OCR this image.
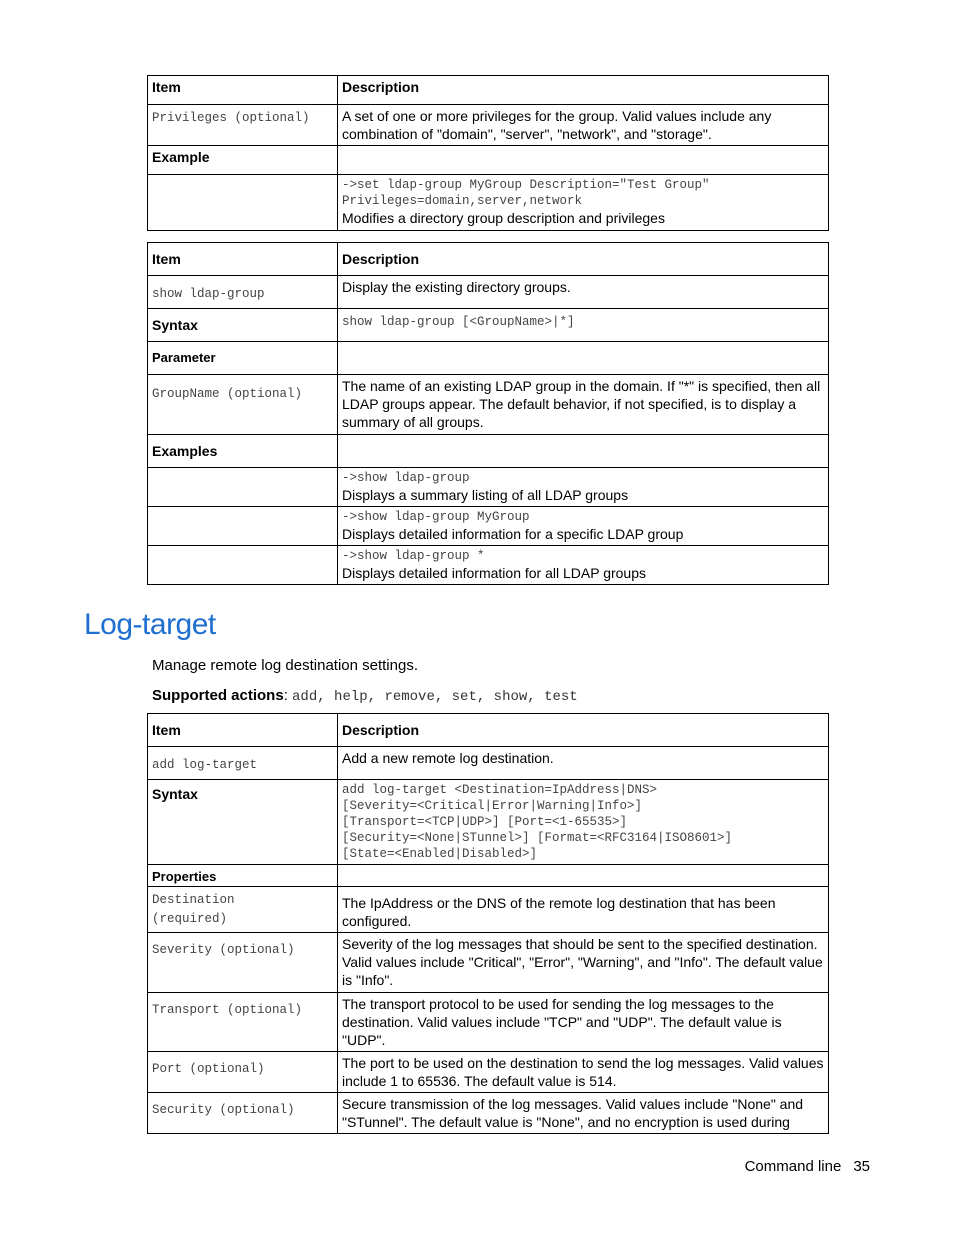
Item	Description
Privileges (optional)	A set of one or more privileges for the group. Valid values include any combination of "domain", "server", "network", and "storage".
Example	

	->set ldap-group MyGroup Description="Test Group"
Privileges=domain,server,network
Modifies a directory group description and privileges
Item	Description
show ldap-group	Display the existing directory groups.
Syntax	show ldap-group [<GroupName>|*]
Parameter	
GroupName (optional)	The name of an existing LDAP group in the domain. If "*" is specified, then all LDAP groups appear. The default behavior, if not specified, is to display a summary of all groups.
Examples	

	->show ldap-group
Displays a summary listing of all LDAP groups

	->show ldap-group MyGroup
Displays detailed information for a specific LDAP group

	->show ldap-group *
Displays detailed information for all LDAP groups
Log-target
Manage remote log destination settings.
Supported actions: add, help, remove, set, show, test
Item	Description
add log-target	Add a new remote log destination.
Syntax	add log-target <Destination=IpAddress|DNS>
[Severity=<Critical|Error|Warning|Info>]
[Transport=<TCP|UDP>] [Port=<1-65535>]
[Security=<None|STunnel>] [Format=<RFC3164|ISO8601>]
[State=<Enabled|Disabled>]

Properties	
Destination
(required)	The IpAddress or the DNS of the remote log destination that has been configured.
Severity (optional)	Severity of the log messages that should be sent to the specified destination. Valid values include "Critical", "Error", "Warning", and "Info". The default value is "Info".
Transport (optional)	The transport protocol to be used for sending the log messages to the destination. Valid values include "TCP" and "UDP". The default value is "UDP".
Port (optional)	The port to be used on the destination to send the log messages. Valid values include 1 to 65536. The default value is 514.
Security (optional)	Secure transmission of the log messages. Valid values include "None" and "STunnel". The default value is "None", and no encryption is used during
Command line 35
